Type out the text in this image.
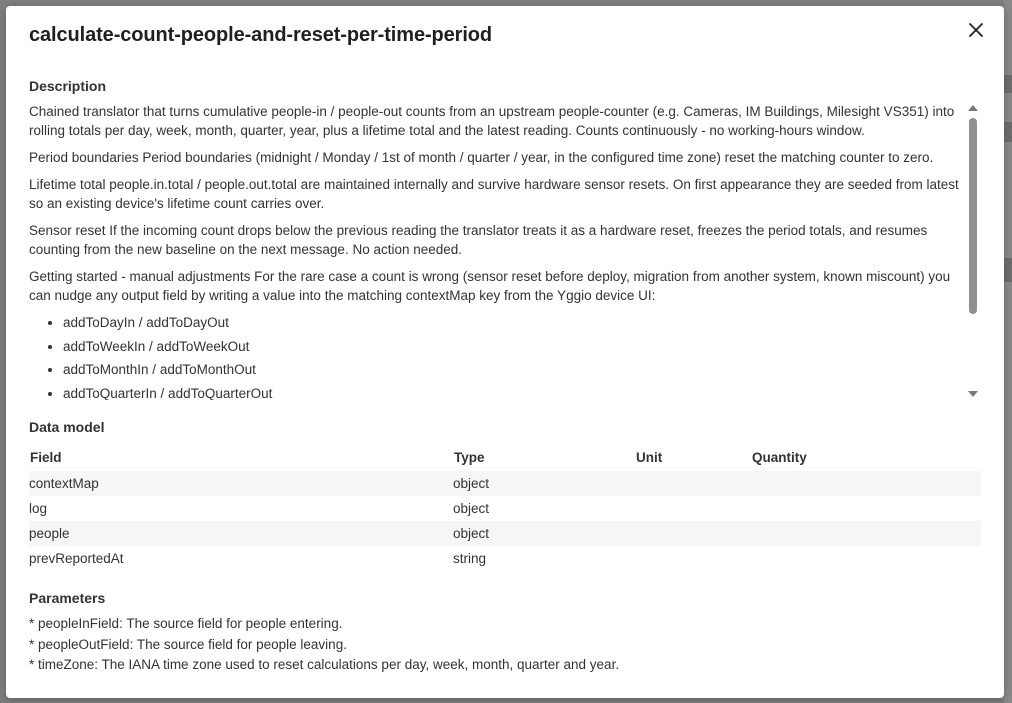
calculate-count-people-and-reset-per-time-period
Description

Chained translator that turns cumulative people-in / people-out counts from an upstream people-counter (e.g. Cameras, IM Buildings, Milesight VS351) into rolling totals per day, week, month, quarter, year, plus a lifetime total and the latest reading. Counts continuously - no working-hours window.

Period boundaries Period boundaries (midnight / Monday / 1st of month / quarter / year, in the configured time zone) reset the matching counter to zero.

Lifetime total people.in.total / people.out.total are maintained internally and survive hardware sensor resets. On first appearance they are seeded from latest so an existing device's lifetime count carries over.

Sensor reset If the incoming count drops below the previous reading the translator treats it as a hardware reset, freezes the period totals, and resumes counting from the new baseline on the next message. No action needed.

Getting started - manual adjustments For the rare case a count is wrong (sensor reset before deploy, migration from another system, known miscount) you can nudge any output field by writing a value into the matching contextMap key from the Yggio device UI:

• addToDayIn / addToDayOut
• addToWeekIn / addToWeekOut
• addToMonthIn / addToMonthOut
• addToQuarterIn / addToQuarterOut
Data model
Field	Type	Unit	Quantity
contextMap	object		
log	object		
people	object		
prevReportedAt	string		
Parameters
* peopleInField: The source field for people entering.
* peopleOutField: The source field for people leaving.
* timeZone: The IANA time zone used to reset calculations per day, week, month, quarter and year.
